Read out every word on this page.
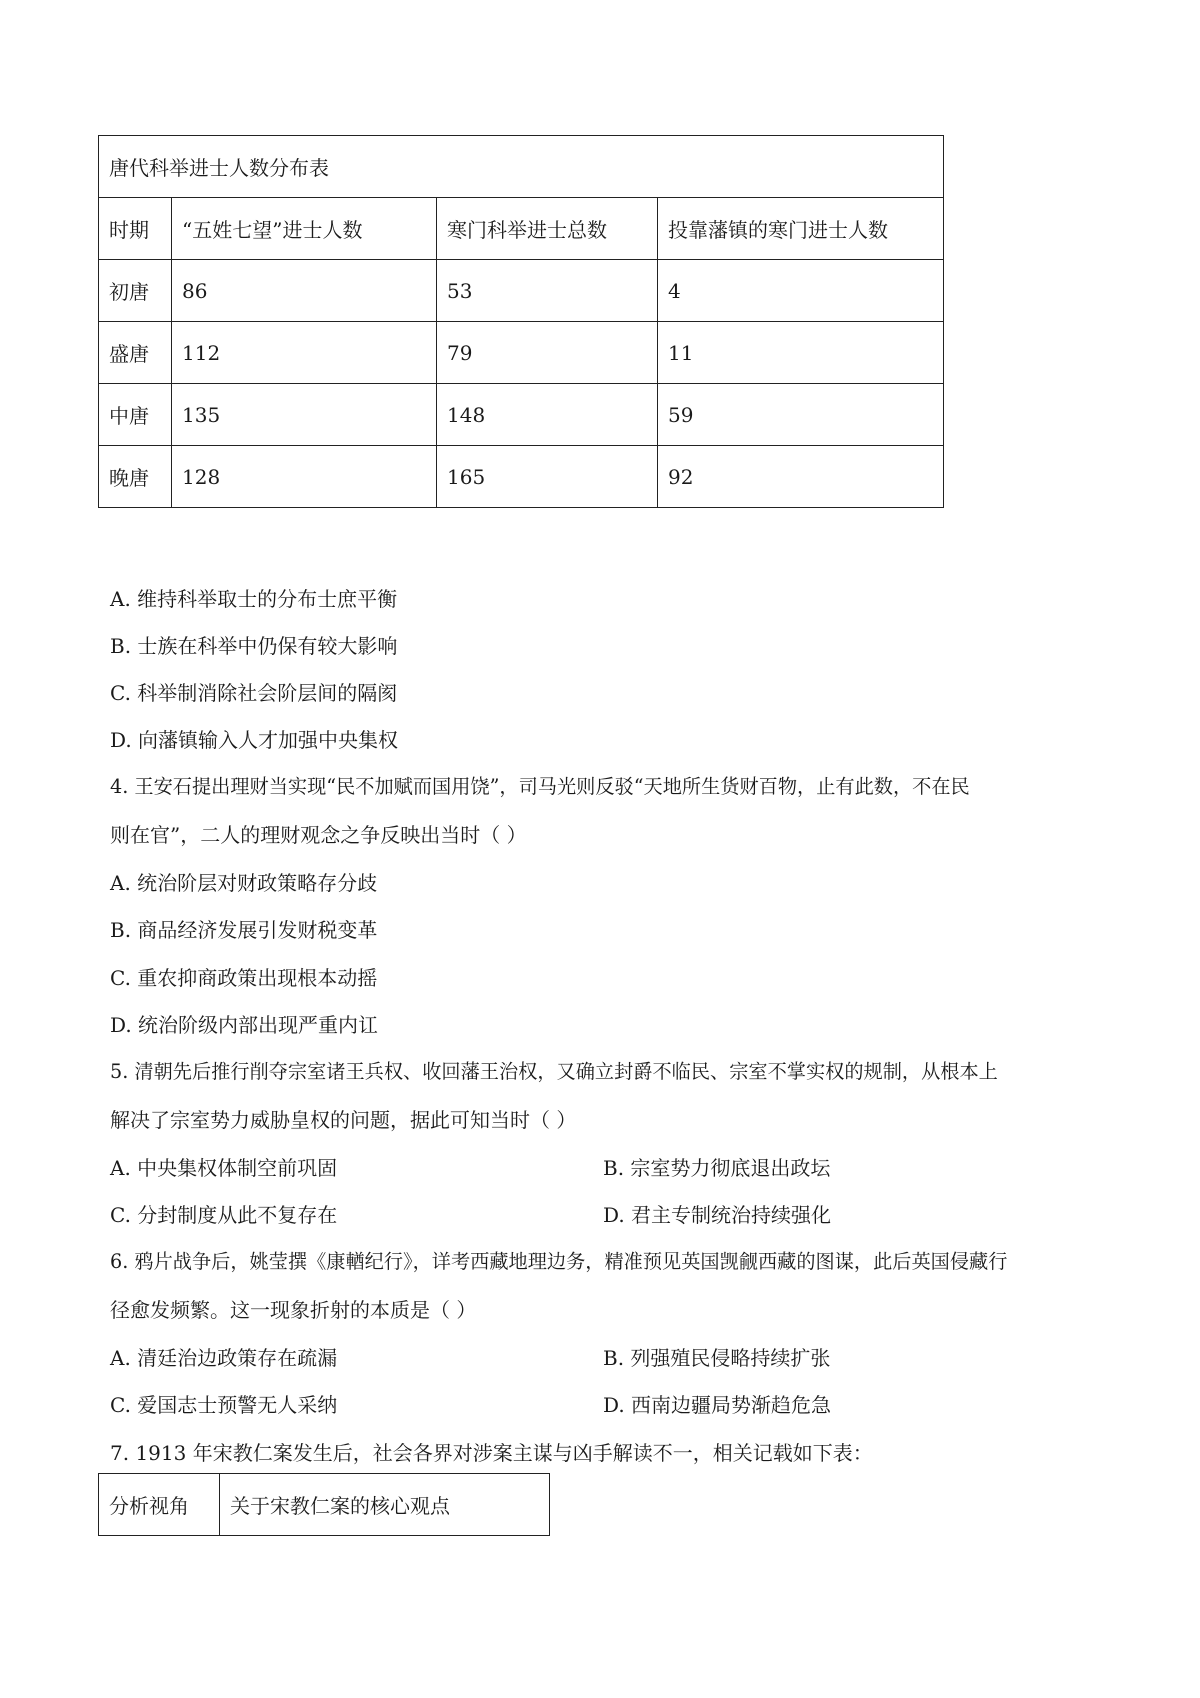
唐代科举进士人数分布表			
时期	“五姓七望”进士人数	寒门科举进士总数	投靠藩镇的寒门进士人数
初唐	86	53	4
盛唐	112	79	11
中唐	135	148	59
晚唐	128	165	92
A. 维持科举取士的分布士庶平衡
B. 士族在科举中仍保有较大影响
C. 科举制消除社会阶层间的隔阂
D. 向藩镇输入人才加强中央集权
4. 王安石提出理财当实现“民不加赋而国用饶”，司马光则反驳“天地所生货财百物，止有此数，不在民
则在官”，二人的理财观念之争反映出当时（ ）
A. 统治阶层对财政策略存分歧
B. 商品经济发展引发财税变革
C. 重农抑商政策出现根本动摇
D. 统治阶级内部出现严重内讧
5. 清朝先后推行削夺宗室诸王兵权、收回藩王治权，又确立封爵不临民、宗室不掌实权的规制，从根本上
解决了宗室势力威胁皇权的问题，据此可知当时（ ）
A. 中央集权体制空前巩固	B. 宗室势力彻底退出政坛
C. 分封制度从此不复存在	D. 君主专制统治持续强化
6. 鸦片战争后，姚莹撰《康輶纪行》，详考西藏地理边务，精准预见英国觊觎西藏的图谋，此后英国侵藏行
径愈发频繁。这一现象折射的本质是（ ）
A. 清廷治边政策存在疏漏	B. 列强殖民侵略持续扩张
C. 爱国志士预警无人采纳	D. 西南边疆局势渐趋危急
7. 1913 年宋教仁案发生后，社会各界对涉案主谋与凶手解读不一，相关记载如下表：
分析视角	关于宋教仁案的核心观点
